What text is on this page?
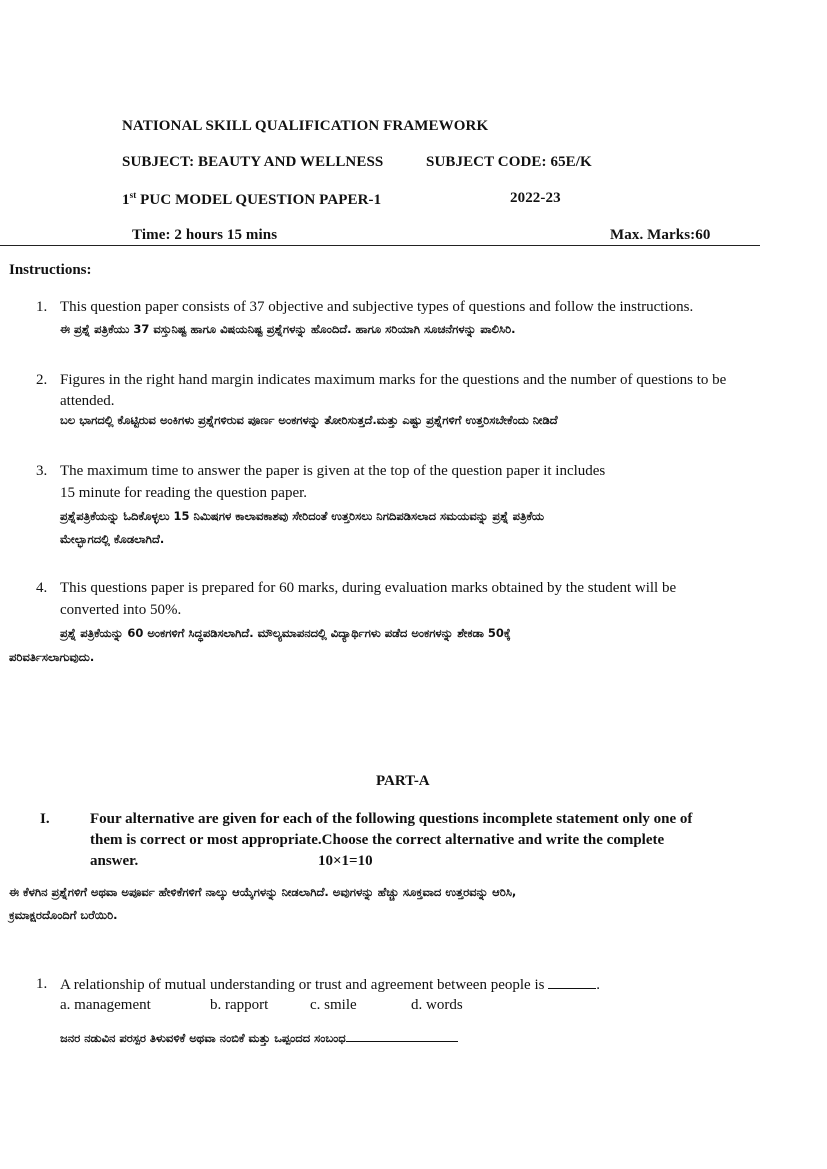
NATIONAL SKILL QUALIFICATION FRAMEWORK
SUBJECT: BEAUTY AND WELLNESS	SUBJECT CODE: 65E/K
1st PUC MODEL QUESTION PAPER-1	2022-23
Time: 2 hours 15 mins	Max. Marks:60
Instructions:
1. This question paper consists of 37 objective and subjective types of questions and follow the instructions.
ಈ ಪ್ರಶ್ನೆ ಪತ್ರಿಕೆಯು 37 ವಸ್ತುನಿಷ್ಟ ಹಾಗೂ ವಿಷಯನಿಷ್ಟ ಪ್ರಶ್ನೆಗಳನ್ನು ಹೊಂದಿದೆ. ಹಾಗೂ ಸರಿಯಾಗಿ ಸೂಚನೆಗಳನ್ನು ಪಾಲಿಸಿರಿ.
2. Figures in the right hand margin indicates maximum marks for the questions and the number of questions to be
attended.
ಬಲ ಭಾಗದಲ್ಲಿ ಕೊಟ್ಟಿರುವ ಅಂಕಿಗಳು ಪ್ರಶ್ನೆಗಳಿರುವ ಪೂರ್ಣ ಅಂಕಗಳನ್ನು ತೋರಿಸುತ್ತದೆ.ಮತ್ತು ಎಷ್ಟು ಪ್ರಶ್ನೆಗಳಿಗೆ ಉತ್ತರಿಸಬೇಕೆಂದು ನೀಡಿದೆ
3. The maximum time to answer the paper is given at the top of the question paper it includes
15 minute for reading the question paper.
ಪ್ರಶ್ನೆಪತ್ರಿಕೆಯನ್ನು ಓದಿಕೊಳ್ಳಲು 15 ನಿಮಿಷಗಳ ಕಾಲಾವಕಾಶವು ಸೇರಿದಂತೆ ಉತ್ತರಿಸಲು ನಿಗದಿಪಡಿಸಲಾದ ಸಮಯವನ್ನು ಪ್ರಶ್ನೆ ಪತ್ರಿಕೆಯ
ಮೇಲ್ಭಾಗದಲ್ಲಿ ಕೊಡಲಾಗಿದೆ.
4. This questions paper is prepared for 60 marks, during evaluation marks obtained by the student will be
converted into 50%.
ಪ್ರಶ್ನೆ ಪತ್ರಿಕೆಯನ್ನು 60 ಅಂಕಗಳಿಗೆ ಸಿದ್ಧಪಡಿಸಲಾಗಿದೆ. ಮೌಲ್ಯಮಾಪನದಲ್ಲಿ ವಿದ್ಯಾರ್ಥಿಗಳು ಪಡೆದ ಅಂಕಗಳನ್ನು ಶೇಕಡಾ 50ಕ್ಕೆ
ಪರಿವರ್ತಿಸಲಾಗುವುದು.
PART-A
I.	Four alternative are given for each of the following questions incomplete statement only one of
them is correct or most appropriate.Choose the correct alternative and write the complete
answer.	10×1=10
ಈ ಕೆಳಗಿನ ಪ್ರಶ್ನೆಗಳಿಗೆ ಅಥವಾ ಅಪೂರ್ವ ಹೇಳಿಕೆಗಳಿಗೆ ನಾಲ್ಕು ಆಯ್ಕೆಗಳನ್ನು ನೀಡಲಾಗಿದೆ. ಅವುಗಳನ್ನು ಹೆಚ್ಚು ಸೂಕ್ತವಾದ ಉತ್ತರವನ್ನು ಆರಿಸಿ,
ಕ್ರಮಾಕ್ಷರದೊಂದಿಗೆ ಬರೆಯಿರಿ.
1. A relationship of mutual understanding or trust and agreement between people is	.
a. management	b. rapport	c. smile	d. words
ಜನರ ನಡುವಿನ ಪರಸ್ಪರ ತಿಳುವಳಿಕೆ ಅಥವಾ ನಂಬಿಕೆ ಮತ್ತು ಒಪ್ಪಂದದ ಸಂಬಂಧ
